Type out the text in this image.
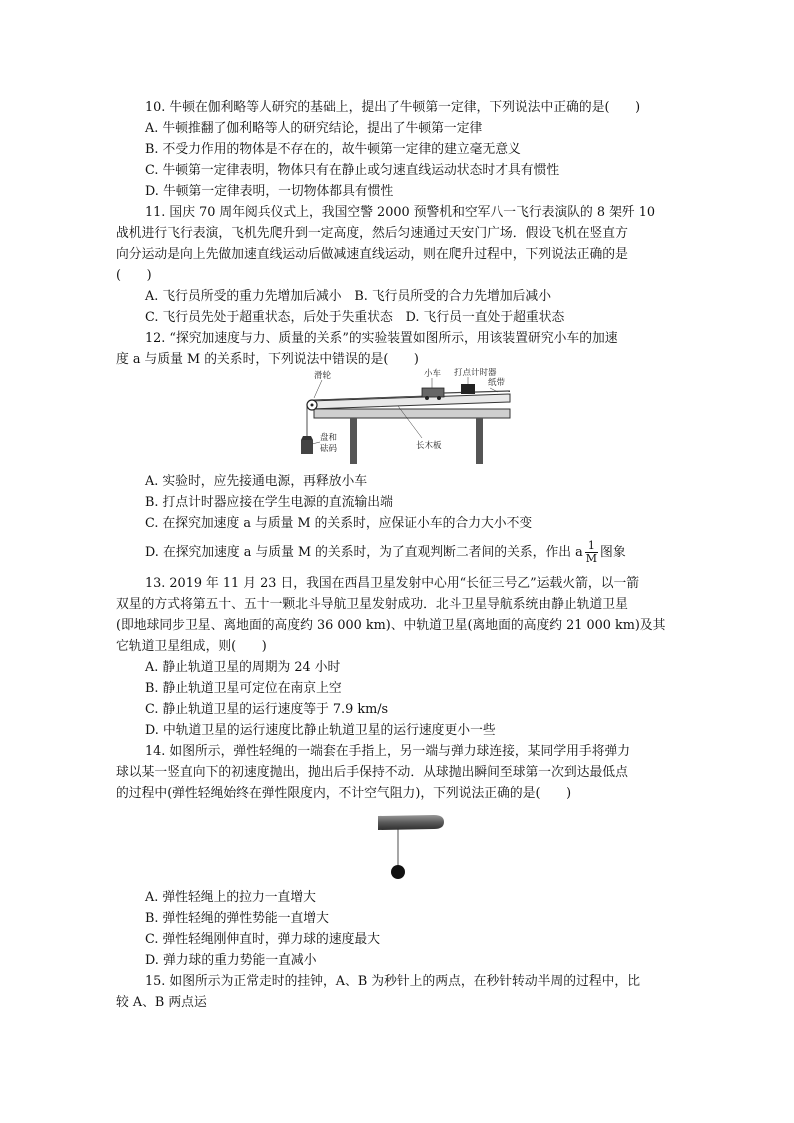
10. 牛顿在伽利略等人研究的基础上，提出了牛顿第一定律，下列说法中正确的是(　　)
A. 牛顿推翻了伽利略等人的研究结论，提出了牛顿第一定律
B. 不受力作用的物体是不存在的，故牛顿第一定律的建立毫无意义
C. 牛顿第一定律表明，物体只有在静止或匀速直线运动状态时才具有惯性
D. 牛顿第一定律表明，一切物体都具有惯性
11. 国庆 70 周年阅兵仪式上，我国空警 2000 预警机和空军八一飞行表演队的 8 架歼 10
战机进行飞行表演，飞机先爬升到一定高度，然后匀速通过天安门广场．假设飞机在竖直方
向分运动是向上先做加速直线运动后做减速直线运动，则在爬升过程中，下列说法正确的是
(　　)
A. 飞行员所受的重力先增加后减小　B. 飞行员所受的合力先增加后减小
C. 飞行员先处于超重状态，后处于失重状态　D. 飞行员一直处于超重状态
12. “探究加速度与力、质量的关系”的实验装置如图所示，用该装置研究小车的加速
度 a 与质量 M 的关系时，下列说法中错误的是(　　)
滑轮	小车 打点计时器
纸带
长木板
盘和
砝码
A. 实验时，应先接通电源，再释放小车
B. 打点计时器应接在学生电源的直流输出端
C. 在探究加速度 a 与质量 M 的关系时，应保证小车的合力大小不变
D. 在探究加速度 a 与质量 M 的关系时，为了直观判断二者间的关系，作出 a $\frac{1}{M}$ 图象
13. 2019 年 11 月 23 日，我国在西昌卫星发射中心用“长征三号乙”运载火箭，以一箭
双星的方式将第五十、五十一颗北斗导航卫星发射成功．北斗卫星导航系统由静止轨道卫星
(即地球同步卫星、离地面的高度约 36 000 km)、中轨道卫星(离地面的高度约 21 000 km)及其
它轨道卫星组成，则(　　)
A. 静止轨道卫星的周期为 24 小时
B. 静止轨道卫星可定位在南京上空
C. 静止轨道卫星的运行速度等于 7.9 km/s
D. 中轨道卫星的运行速度比静止轨道卫星的运行速度更小一些
14. 如图所示，弹性轻绳的一端套在手指上，另一端与弹力球连接，某同学用手将弹力
球以某一竖直向下的初速度抛出，抛出后手保持不动．从球抛出瞬间至球第一次到达最低点
的过程中(弹性轻绳始终在弹性限度内，不计空气阻力)，下列说法正确的是(　　)
A. 弹性轻绳上的拉力一直增大
B. 弹性轻绳的弹性势能一直增大
C. 弹性轻绳刚伸直时，弹力球的速度最大
D. 弹力球的重力势能一直减小
15. 如图所示为正常走时的挂钟，A、B 为秒针上的两点，在秒针转动半周的过程中，比
较 A、B 两点运
